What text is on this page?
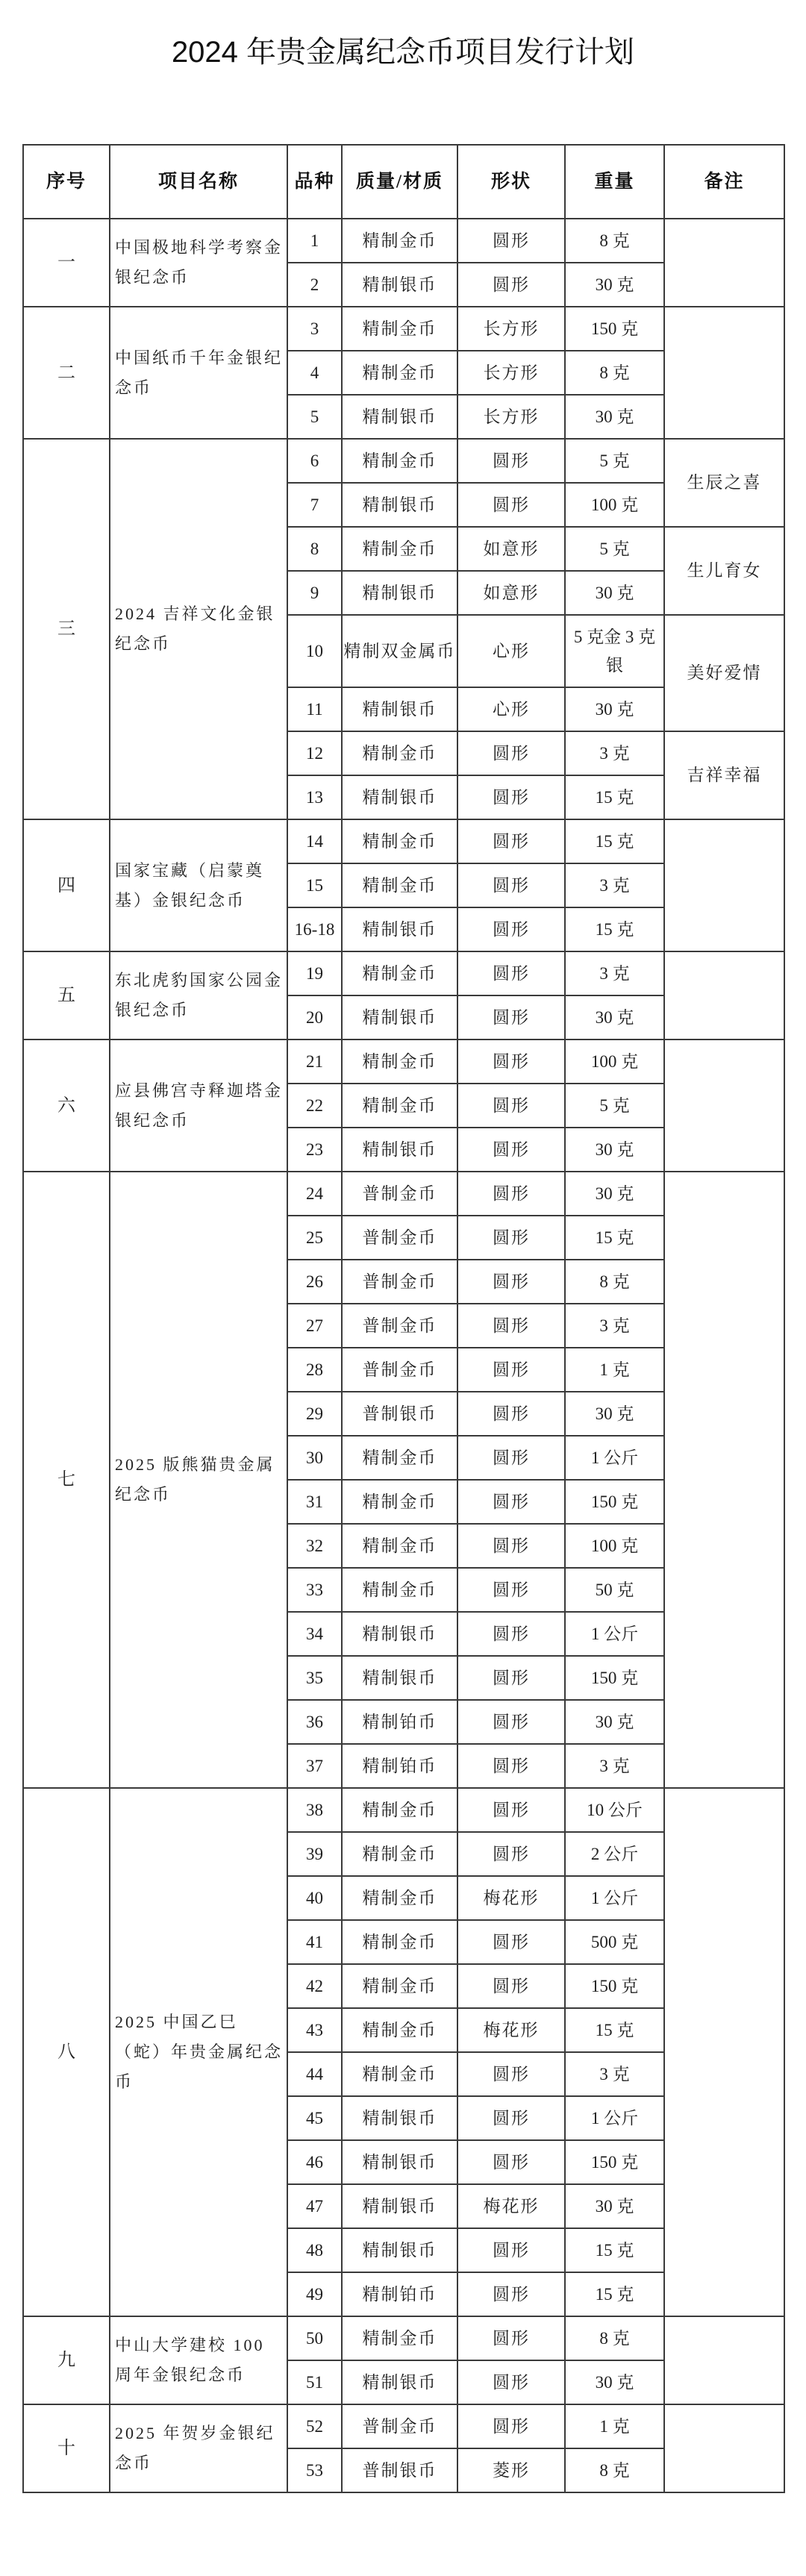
2024 年贵金属纪念币项目发行计划
序号	项目名称	品种	质量/材质	形状	重量	备注
一	中国极地科学考察金银纪念币	1	精制金币	圆形	8 克	
		2	精制银币	圆形	30 克	
二	中国纸币千年金银纪念币	3	精制金币	长方形	150 克	
		4	精制金币	长方形	8 克	
		5	精制银币	长方形	30 克	
三	2024 吉祥文化金银纪念币	6	精制金币	圆形	5 克	生辰之喜
		7	精制银币	圆形	100 克	
		8	精制金币	如意形	5 克	生儿育女
		9	精制银币	如意形	30 克	
		10	精制双金属币	心形	5 克金 3 克银	美好爱情
		11	精制银币	心形	30 克	
		12	精制金币	圆形	3 克	吉祥幸福
		13	精制银币	圆形	15 克	
四	国家宝藏（启蒙奠基）金银纪念币	14	精制金币	圆形	15 克	
		15	精制金币	圆形	3 克	
		16-18	精制银币	圆形	15 克	
五	东北虎豹国家公园金银纪念币	19	精制金币	圆形	3 克	
		20	精制银币	圆形	30 克	
六	应县佛宫寺释迦塔金银纪念币	21	精制金币	圆形	100 克	
		22	精制金币	圆形	5 克	
		23	精制银币	圆形	30 克	
七	2025 版熊猫贵金属纪念币	24	普制金币	圆形	30 克	
		25	普制金币	圆形	15 克	
		26	普制金币	圆形	8 克	
		27	普制金币	圆形	3 克	
		28	普制金币	圆形	1 克	
		29	普制银币	圆形	30 克	
		30	精制金币	圆形	1 公斤	
		31	精制金币	圆形	150 克	
		32	精制金币	圆形	100 克	
		33	精制金币	圆形	50 克	
		34	精制银币	圆形	1 公斤	
		35	精制银币	圆形	150 克	
		36	精制铂币	圆形	30 克	
		37	精制铂币	圆形	3 克	
八	2025 中国乙巳（蛇）年贵金属纪念币	38	精制金币	圆形	10 公斤	
		39	精制金币	圆形	2 公斤	
		40	精制金币	梅花形	1 公斤	
		41	精制金币	圆形	500 克	
		42	精制金币	圆形	150 克	
		43	精制金币	梅花形	15 克	
		44	精制金币	圆形	3 克	
		45	精制银币	圆形	1 公斤	
		46	精制银币	圆形	150 克	
		47	精制银币	梅花形	30 克	
		48	精制银币	圆形	15 克	
		49	精制铂币	圆形	15 克	
九	中山大学建校 100 周年金银纪念币	50	精制金币	圆形	8 克	
		51	精制银币	圆形	30 克	
十	2025 年贺岁金银纪念币	52	普制金币	圆形	1 克	
		53	普制银币	菱形	8 克	
